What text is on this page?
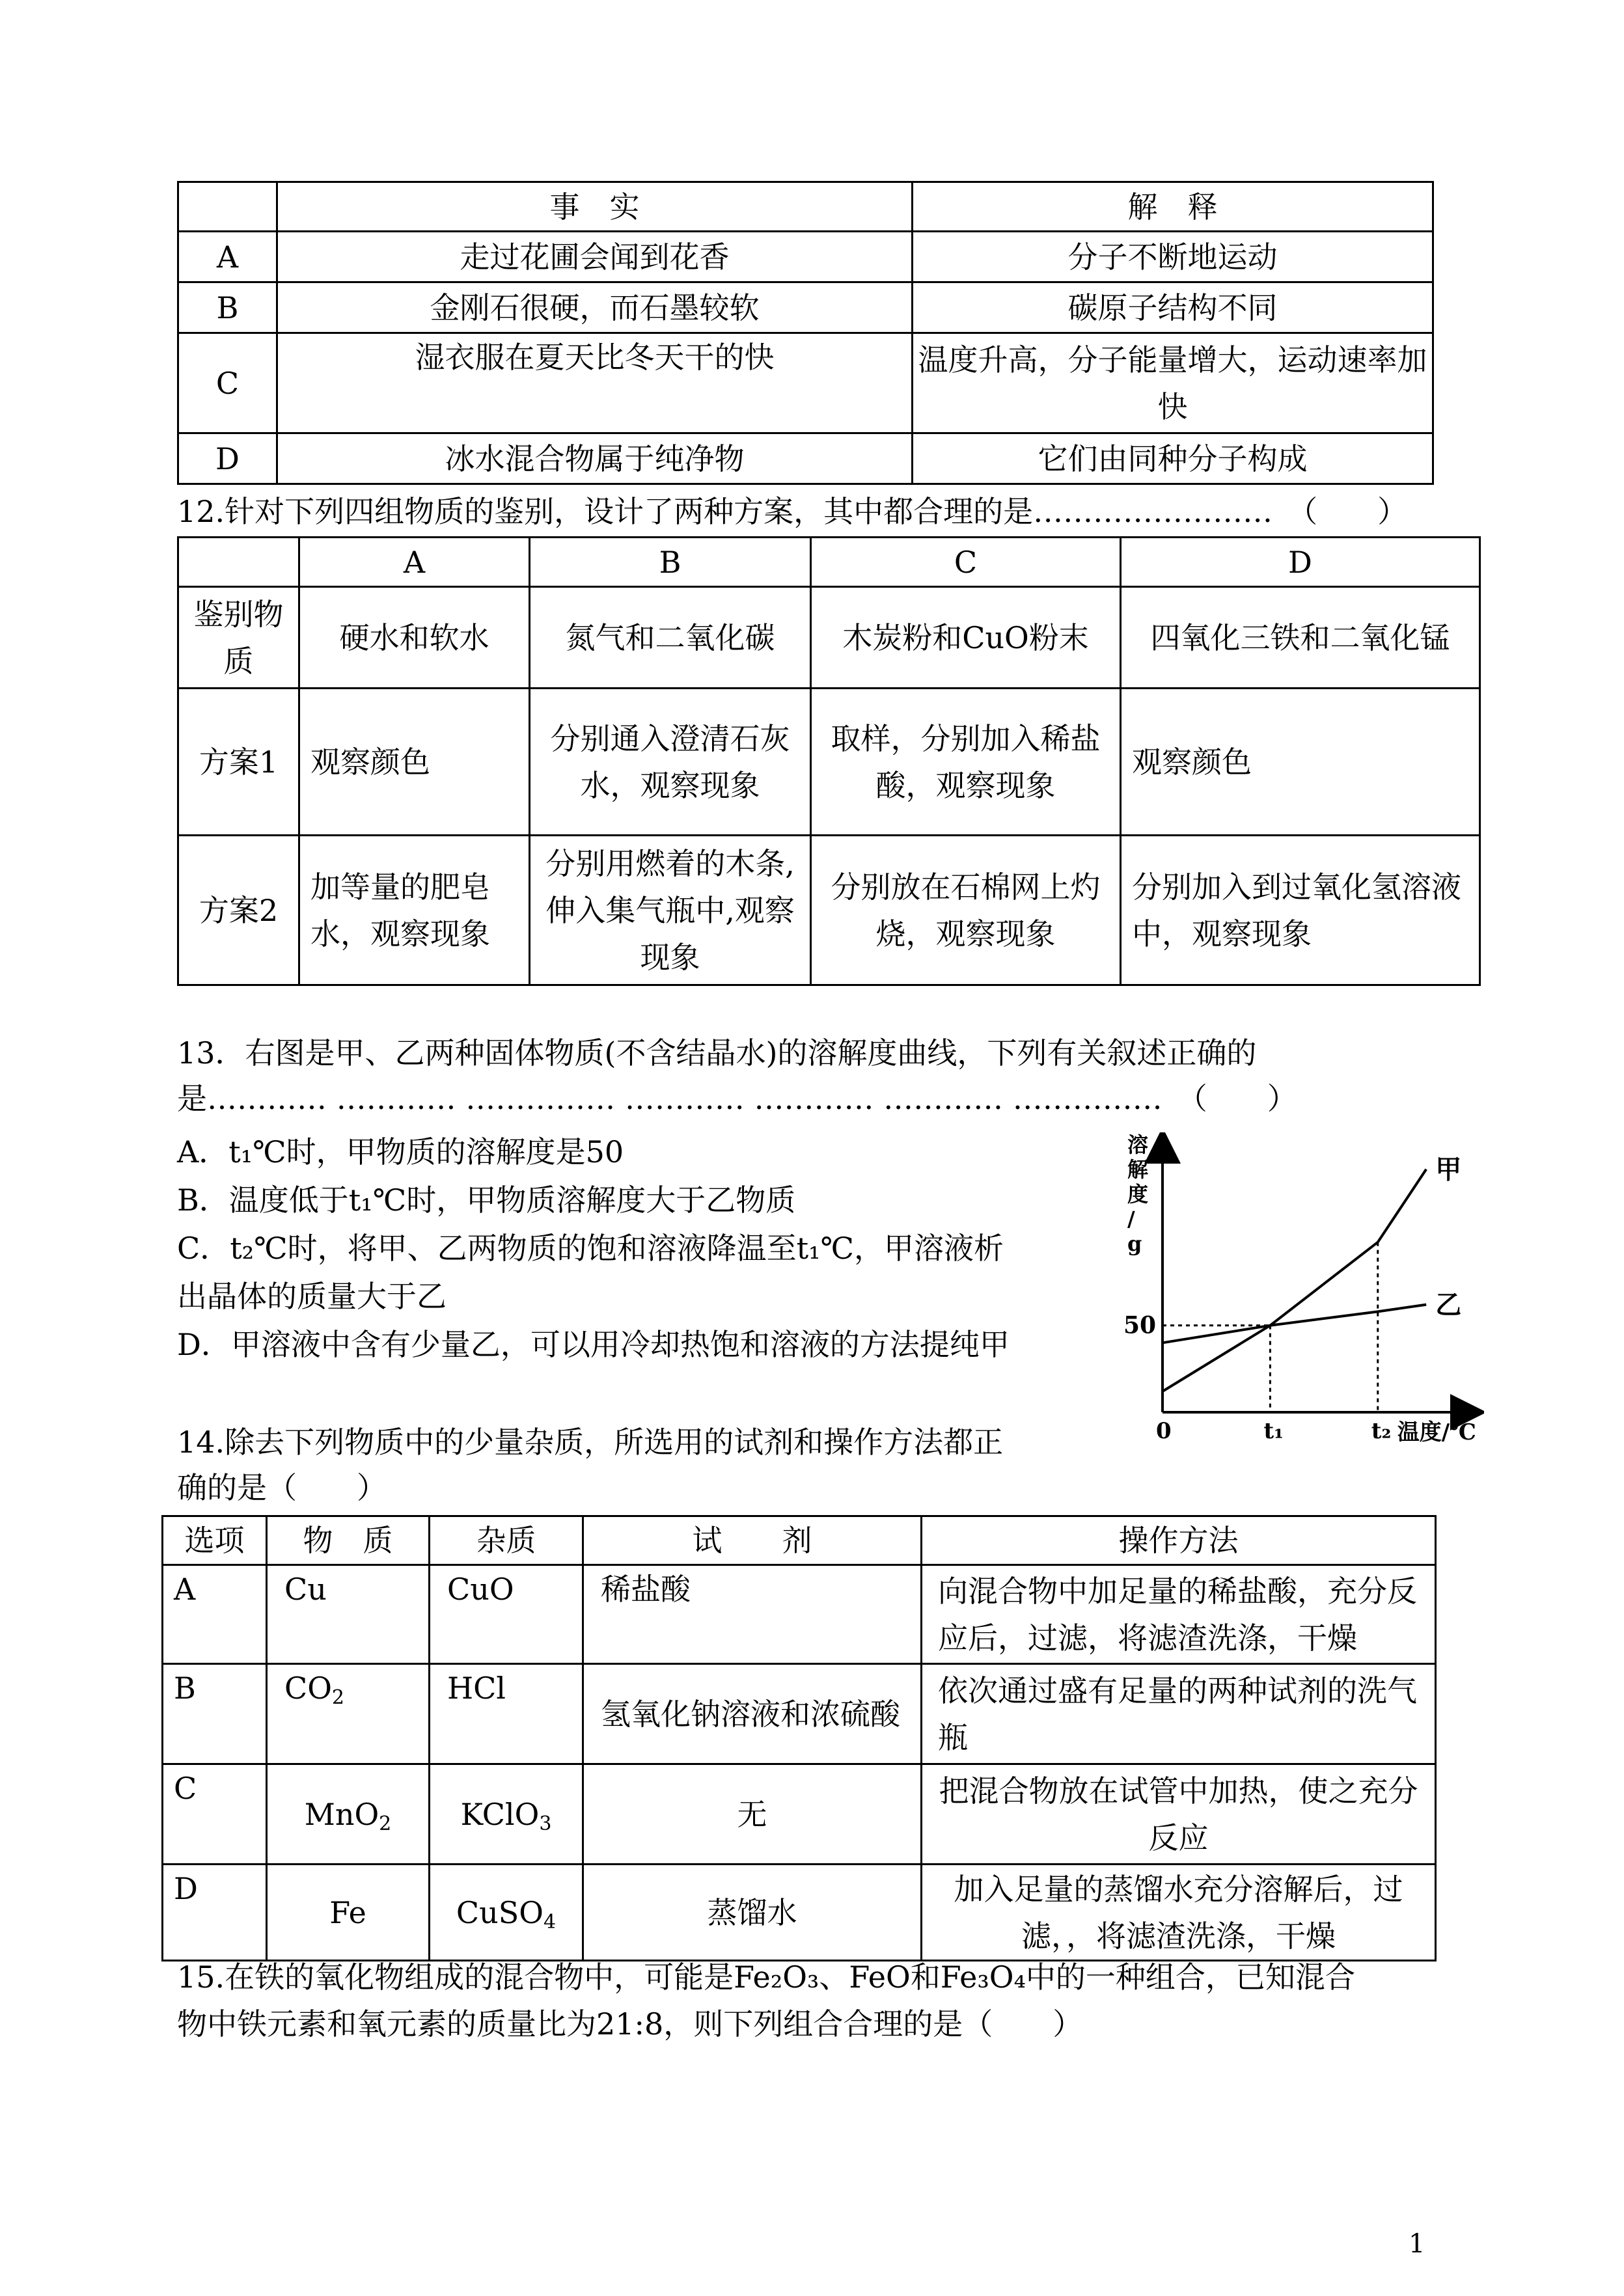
	事　实	解　释
A	走过花圃会闻到花香	分子不断地运动
B	金刚石很硬，而石墨较软	碳原子结构不同
C	湿衣服在夏天比冬天干的快	温度升高，分子能量增大，运动速率加快
D	冰水混合物属于纯净物	它们由同种分子构成
12.针对下列四组物质的鉴别，设计了两种方案，其中都合理的是……………………　（　　）
	A	B	C	D
鉴别物质	硬水和软水	氮气和二氧化碳	木炭粉和CuO粉末	四氧化三铁和二氧化锰
方案1	观察颜色	分别通入澄清石灰水，观察现象	取样，分别加入稀盐酸，观察现象	观察颜色
方案2	加等量的肥皂水，观察现象	分别用燃着的木条,伸入集气瓶中,观察现象	分别放在石棉网上灼烧，观察现象	分别加入到过氧化氢溶液中，观察现象
13．右图是甲、乙两种固体物质(不含结晶水)的溶解度曲线，下列有关叙述正确的
是………… ………… …………… ………… ………… ………… ……………　（　　）
A．t₁℃时，甲物质的溶解度是50
B．温度低于t₁℃时，甲物质溶解度大于乙物质
C．t₂℃时，将甲、乙两物质的饱和溶液降温至t₁℃，甲溶液析
出晶体的质量大于乙
D．甲溶液中含有少量乙，可以用冷却热饱和溶液的方法提纯甲
甲
乙
0	t₁	t₂
50
溶解度/ g
温度/℃
14.除去下列物质中的少量杂质，所选用的试剂和操作方法都正
确的是（　　）
选项	物　质	杂质	试　　剂	操作方法
A	Cu	CuO	稀盐酸	向混合物中加足量的稀盐酸，充分反应后，过滤，将滤渣洗涤，干燥
B	$CO_2$	HCl	氢氧化钠溶液和浓硫酸	依次通过盛有足量的两种试剂的洗气瓶
C	MnO$_2$	KClO$_3$	无	把混合物放在试管中加热，使之充分反应
D	Fe	CuSO$_4$	蒸馏水	加入足量的蒸馏水充分溶解后，过滤，，将滤渣洗涤，干燥
15.在铁的氧化物组成的混合物中，可能是Fe₂O₃、FeO和Fe₃O₄中的一种组合，已知混合
物中铁元素和氧元素的质量比为21:8，则下列组合合理的是（　　）
1
